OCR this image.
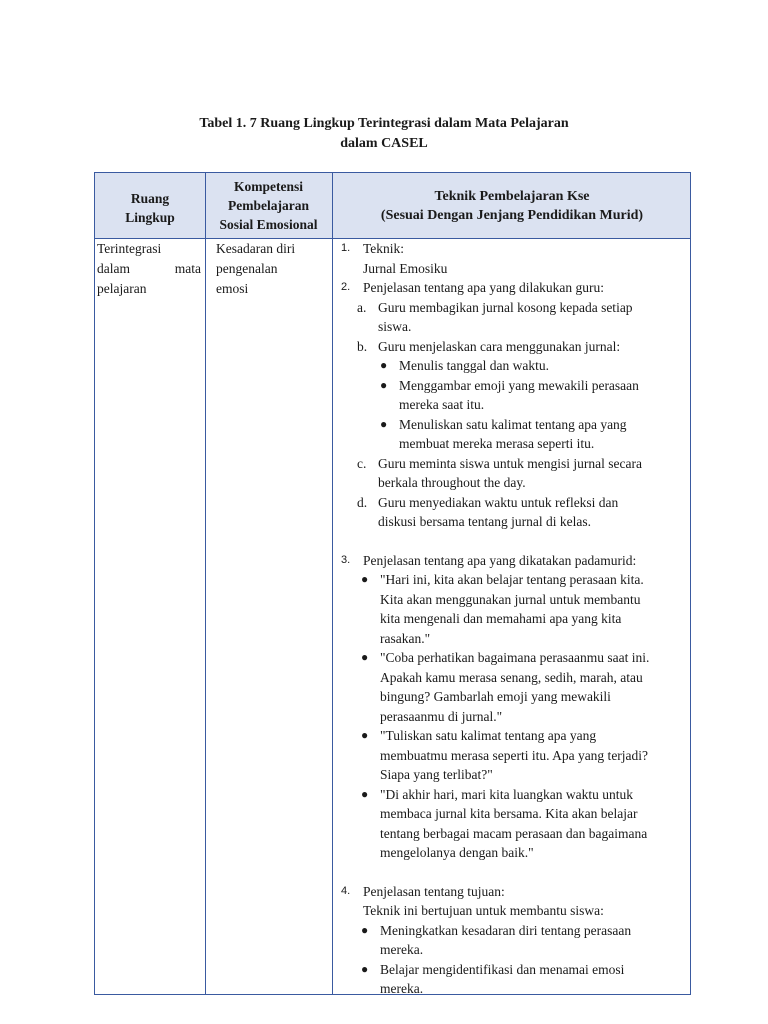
Tabel 1. 7 Ruang Lingkup Terintegrasi dalam Mata Pelajaran
dalam CASEL
Ruang
Lingkup
Kompetensi
Pembelajaran
Sosial Emosional
Teknik Pembelajaran Kse
(Sesuai Dengan Jenjang Pendidikan Murid)
Terintegrasi
dalam	mata
pelajaran
Kesadaran diri
pengenalan
emosi
1. Teknik:
Jurnal Emosiku
2. Penjelasan tentang apa yang dilakukan guru:
a. Guru membagikan jurnal kosong kepada setiap
siswa.
b. Guru menjelaskan cara menggunakan jurnal:
● Menulis tanggal dan waktu.
● Menggambar emoji yang mewakili perasaan
mereka saat itu.
● Menuliskan satu kalimat tentang apa yang
membuat mereka merasa seperti itu.
c. Guru meminta siswa untuk mengisi jurnal secara
berkala throughout the day.
d. Guru menyediakan waktu untuk refleksi dan
diskusi bersama tentang jurnal di kelas.
3. Penjelasan tentang apa yang dikatakan padamurid:
● "Hari ini, kita akan belajar tentang perasaan kita.
Kita akan menggunakan jurnal untuk membantu
kita mengenali dan memahami apa yang kita
rasakan."
● "Coba perhatikan bagaimana perasaanmu saat ini.
Apakah kamu merasa senang, sedih, marah, atau
bingung? Gambarlah emoji yang mewakili
perasaanmu di jurnal."
● "Tuliskan satu kalimat tentang apa yang
membuatmu merasa seperti itu. Apa yang terjadi?
Siapa yang terlibat?"
● "Di akhir hari, mari kita luangkan waktu untuk
membaca jurnal kita bersama. Kita akan belajar
tentang berbagai macam perasaan dan bagaimana
mengelolanya dengan baik."
4. Penjelasan tentang tujuan:
Teknik ini bertujuan untuk membantu siswa:
● Meningkatkan kesadaran diri tentang perasaan
mereka.
● Belajar mengidentifikasi dan menamai emosi
mereka.
